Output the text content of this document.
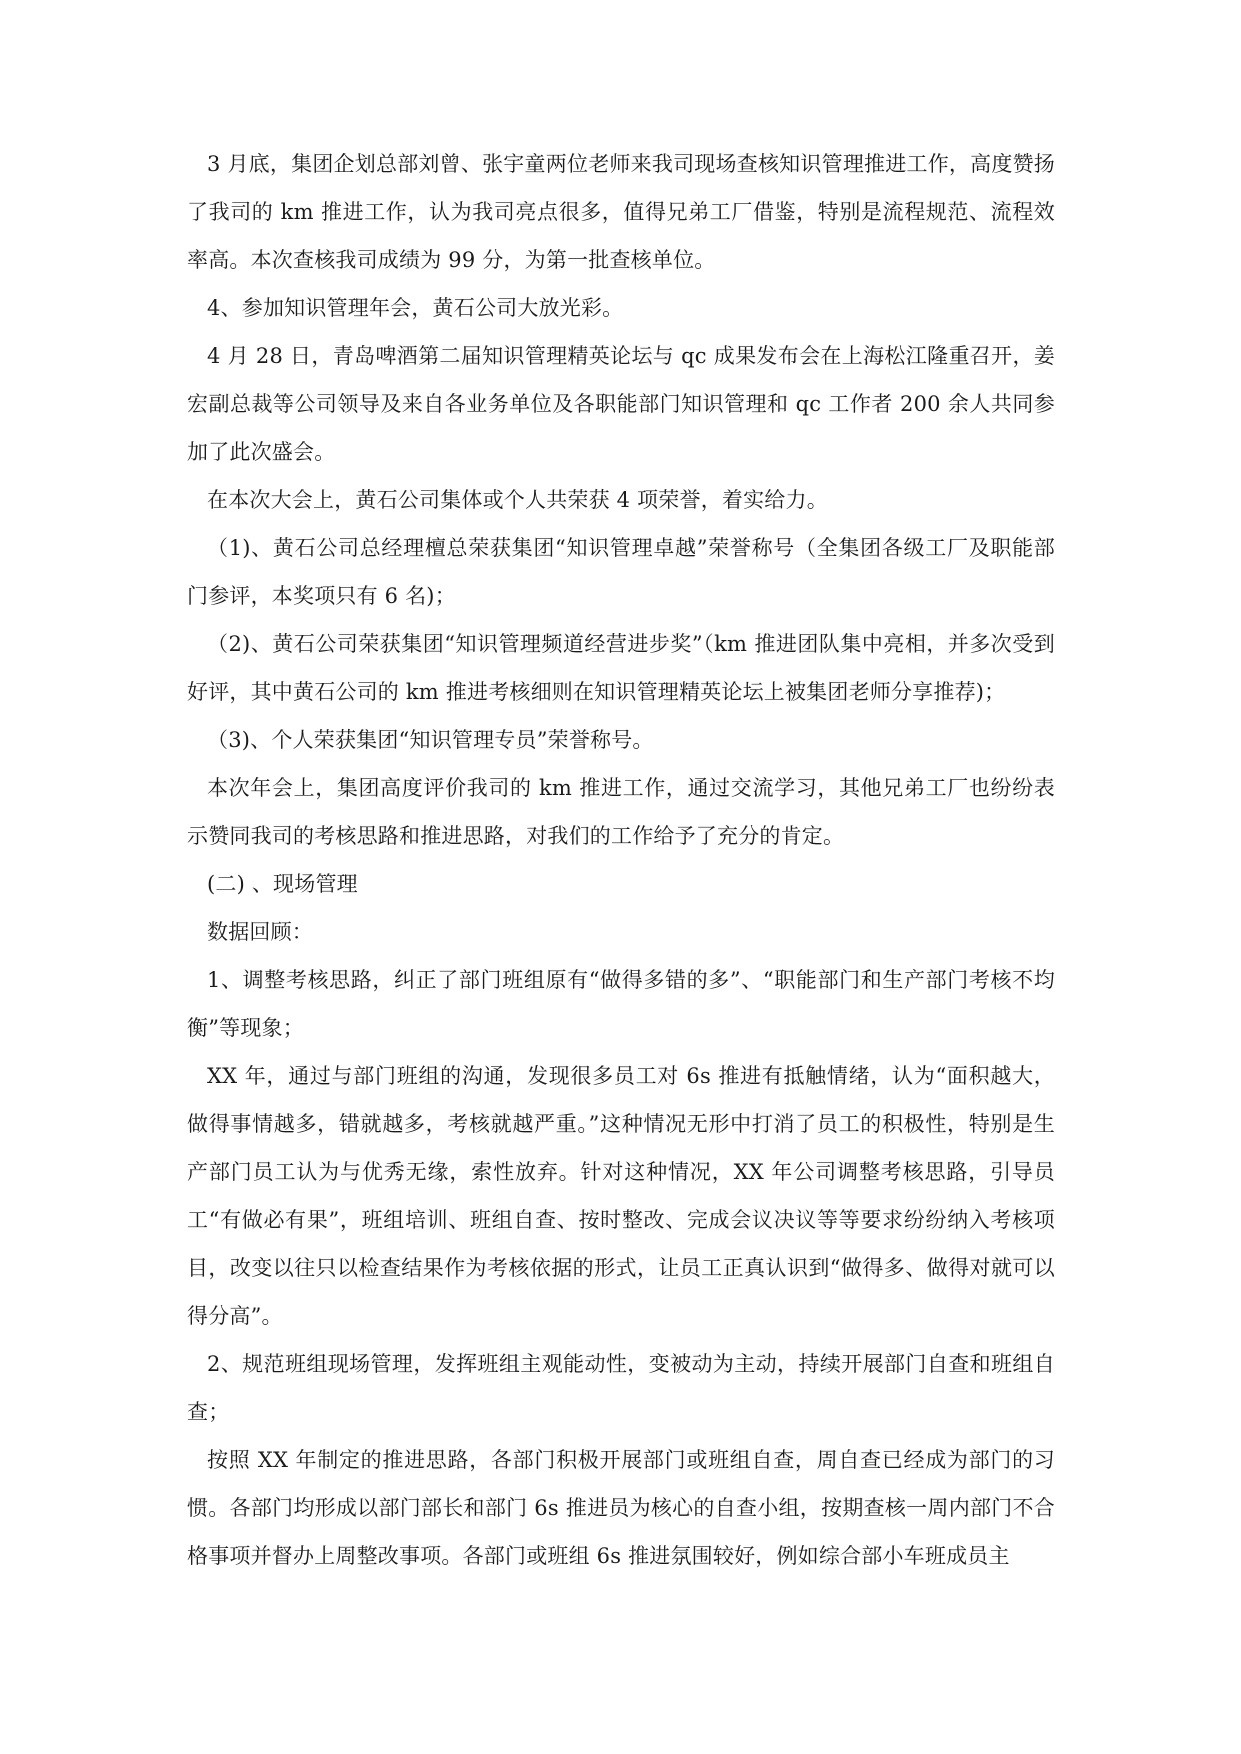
3 月底，集团企划总部刘曾、张宇童两位老师来我司现场查核知识管理推进工作，高度赞扬了我司的 km 推进工作，认为我司亮点很多，值得兄弟工厂借鉴，特别是流程规范、流程效率高。本次查核我司成绩为 99 分，为第一批查核单位。

4、参加知识管理年会，黄石公司大放光彩。

4 月 28 日，青岛啤酒第二届知识管理精英论坛与 qc 成果发布会在上海松江隆重召开，姜宏副总裁等公司领导及来自各业务单位及各职能部门知识管理和 qc 工作者 200 余人共同参加了此次盛会。

在本次大会上，黄石公司集体或个人共荣获 4 项荣誉，着实给力。

（1)、黄石公司总经理檀总荣获集团“知识管理卓越”荣誉称号（全集团各级工厂及职能部门参评，本奖项只有 6 名)；

（2)、黄石公司荣获集团“知识管理频道经营进步奖”（km 推进团队集中亮相，并多次受到好评，其中黄石公司的 km 推进考核细则在知识管理精英论坛上被集团老师分享推荐)；

（3)、个人荣获集团“知识管理专员”荣誉称号。

本次年会上，集团高度评价我司的 km 推进工作，通过交流学习，其他兄弟工厂也纷纷表示赞同我司的考核思路和推进思路，对我们的工作给予了充分的肯定。

(二) 、现场管理

数据回顾：

1、调整考核思路，纠正了部门班组原有“做得多错的多”、“职能部门和生产部门考核不均衡”等现象；

XX 年，通过与部门班组的沟通，发现很多员工对 6s 推进有抵触情绪，认为“面积越大，做得事情越多，错就越多，考核就越严重。”这种情况无形中打消了员工的积极性，特别是生产部门员工认为与优秀无缘，索性放弃。针对这种情况，XX 年公司调整考核思路，引导员工“有做必有果”，班组培训、班组自查、按时整改、完成会议决议等等要求纷纷纳入考核项目，改变以往只以检查结果作为考核依据的形式，让员工正真认识到“做得多、做得对就可以得分高”。

2、规范班组现场管理，发挥班组主观能动性，变被动为主动，持续开展部门自查和班组自查；

按照 XX 年制定的推进思路，各部门积极开展部门或班组自查，周自查已经成为部门的习惯。各部门均形成以部门部长和部门 6s 推进员为核心的自查小组，按期查核一周内部门不合格事项并督办上周整改事项。各部门或班组 6s 推进氛围较好，例如综合部小车班成员主
